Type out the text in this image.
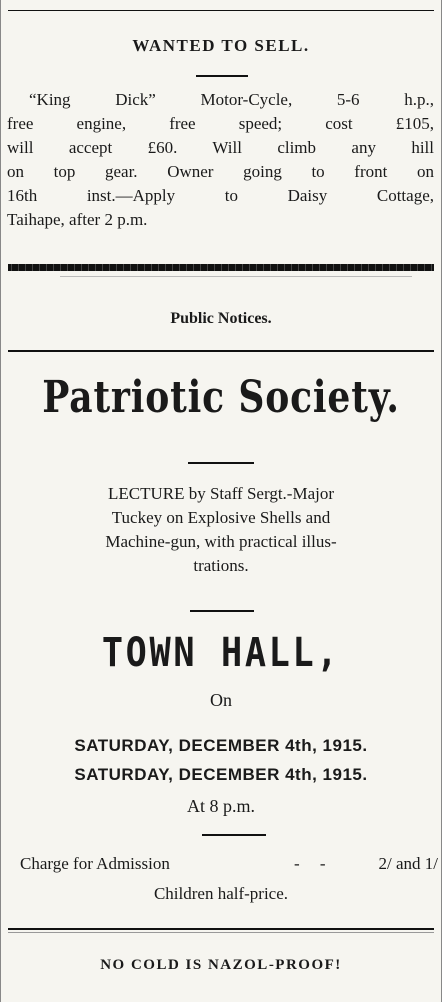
WANTED TO SELL.
“King Dick” Motor-Cycle, 5-6 h.p.,
free engine, free speed; cost £105,
will accept £60. Will climb any hill
on top gear. Owner going to front on
16th inst.—Apply to Daisy Cottage,
Taihape, after 2 p.m.
Public Notices.
Patriotic Society.
LECTURE by Staff Sergt.-Major
Tuckey on Explosive Shells and
Machine-gun, with practical illus-
trations.
TOWN HALL,
On
SATURDAY, DECEMBER 4th, 1915.
SATURDAY, DECEMBER 4th, 1915.
At 8 p.m.
Charge for Admission	- -	2/ and 1/
Children half-price.
NO COLD IS NAZOL-PROOF!
